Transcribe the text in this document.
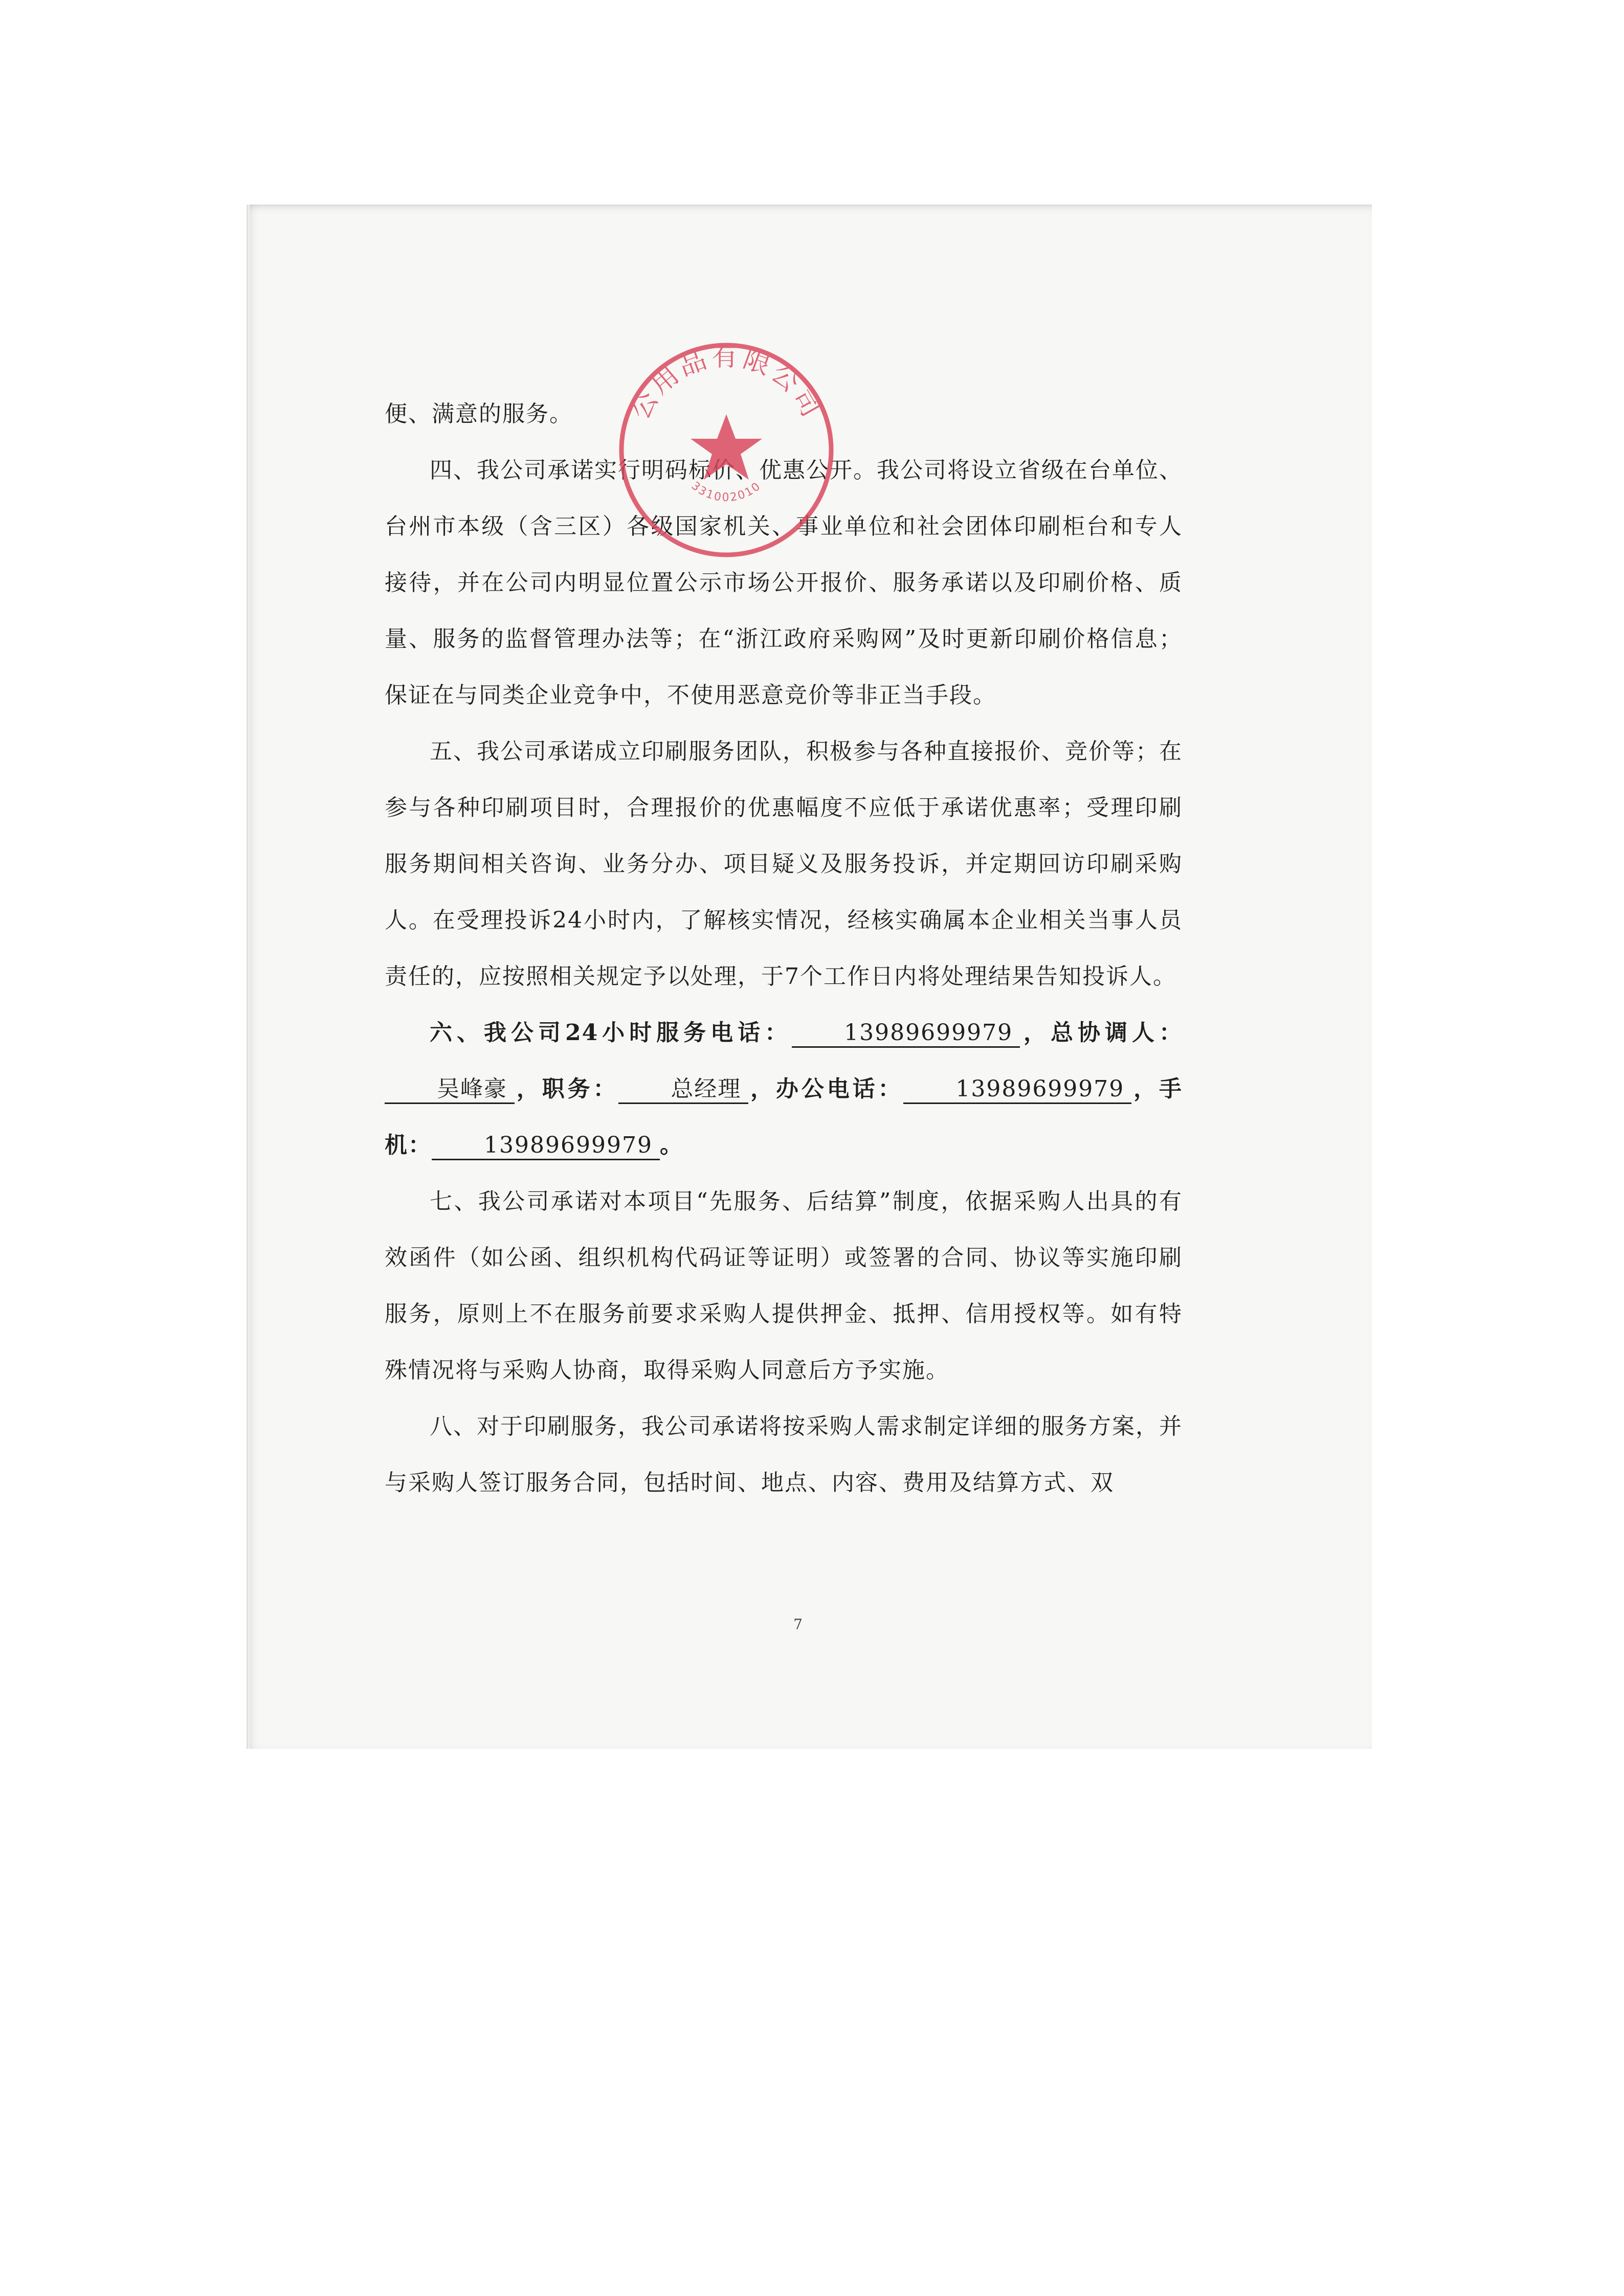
便、满意的服务。

四、我公司承诺实行明码标价、优惠公开。我公司将设立省级在台单位、台州市本级（含三区）各级国家机关、事业单位和社会团体印刷柜台和专人接待，并在公司内明显位置公示市场公开报价、服务承诺以及印刷价格、质量、服务的监督管理办法等；在“浙江政府采购网”及时更新印刷价格信息；保证在与同类企业竞争中，不使用恶意竞价等非正当手段。

五、我公司承诺成立印刷服务团队，积极参与各种直接报价、竞价等；在参与各种印刷项目时，合理报价的优惠幅度不应低于承诺优惠率；受理印刷服务期间相关咨询、业务分办、项目疑义及服务投诉，并定期回访印刷采购人。在受理投诉24小时内，了解核实情况，经核实确属本企业相关当事人员责任的，应按照相关规定予以处理，于7个工作日内将处理结果告知投诉人。

六、我公司24小时服务电话： 13989699979 ，总协调人：吴峰豪 ，职务： 总经理 ，办公电话： 13989699979 ，手机： 13989699979 。

七、我公司承诺对本项目“先服务、后结算”制度，依据采购人出具的有效函件（如公函、组织机构代码证等证明）或签署的合同、协议等实施印刷服务，原则上不在服务前要求采购人提供押金、抵押、信用授权等。如有特殊情况将与采购人协商，取得采购人同意后方予实施。

八、对于印刷服务，我公司承诺将按采购人需求制定详细的服务方案，并与采购人签订服务合同，包括时间、地点、内容、费用及结算方式、双

7
公用品有限公司
331002010
